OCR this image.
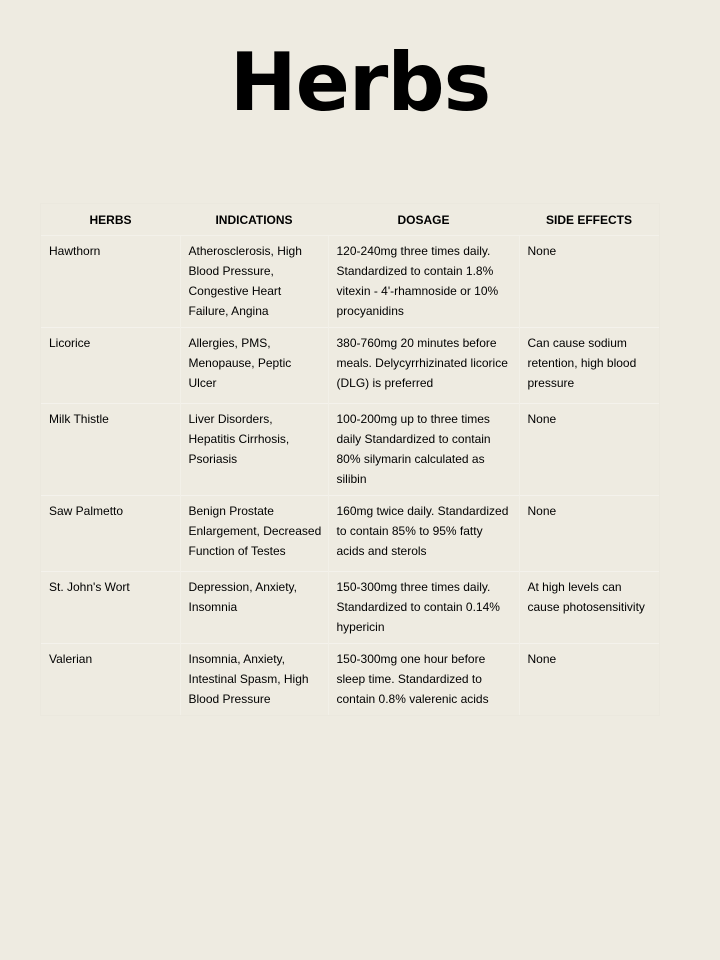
Herbs
HERBS	INDICATIONS	DOSAGE	SIDE EFFECTS
Hawthorn	Atherosclerosis, High Blood Pressure, Congestive Heart Failure, Angina	120-240mg three times daily. Standardized to contain 1.8% vitexin - 4'-rhamnoside or 10% procyanidins	None
Licorice	Allergies, PMS, Menopause, Peptic Ulcer	380-760mg 20 minutes before meals. Delycyrrhizinated licorice (DLG) is preferred	Can cause sodium retention, high blood pressure
Milk Thistle	Liver Disorders, Hepatitis Cirrhosis, Psoriasis	100-200mg up to three times daily Standardized to contain 80% silymarin calculated as silibin	None
Saw Palmetto	Benign Prostate Enlargement, Decreased Function of Testes	160mg twice daily. Standardized to contain 85% to 95% fatty acids and sterols	None
St. John's Wort	Depression, Anxiety, Insomnia	150-300mg three times daily. Standardized to contain 0.14% hypericin	At high levels can cause photosensitivity
Valerian	Insomnia, Anxiety, Intestinal Spasm, High Blood Pressure	150-300mg one hour before sleep time. Standardized to contain 0.8% valerenic acids	None
